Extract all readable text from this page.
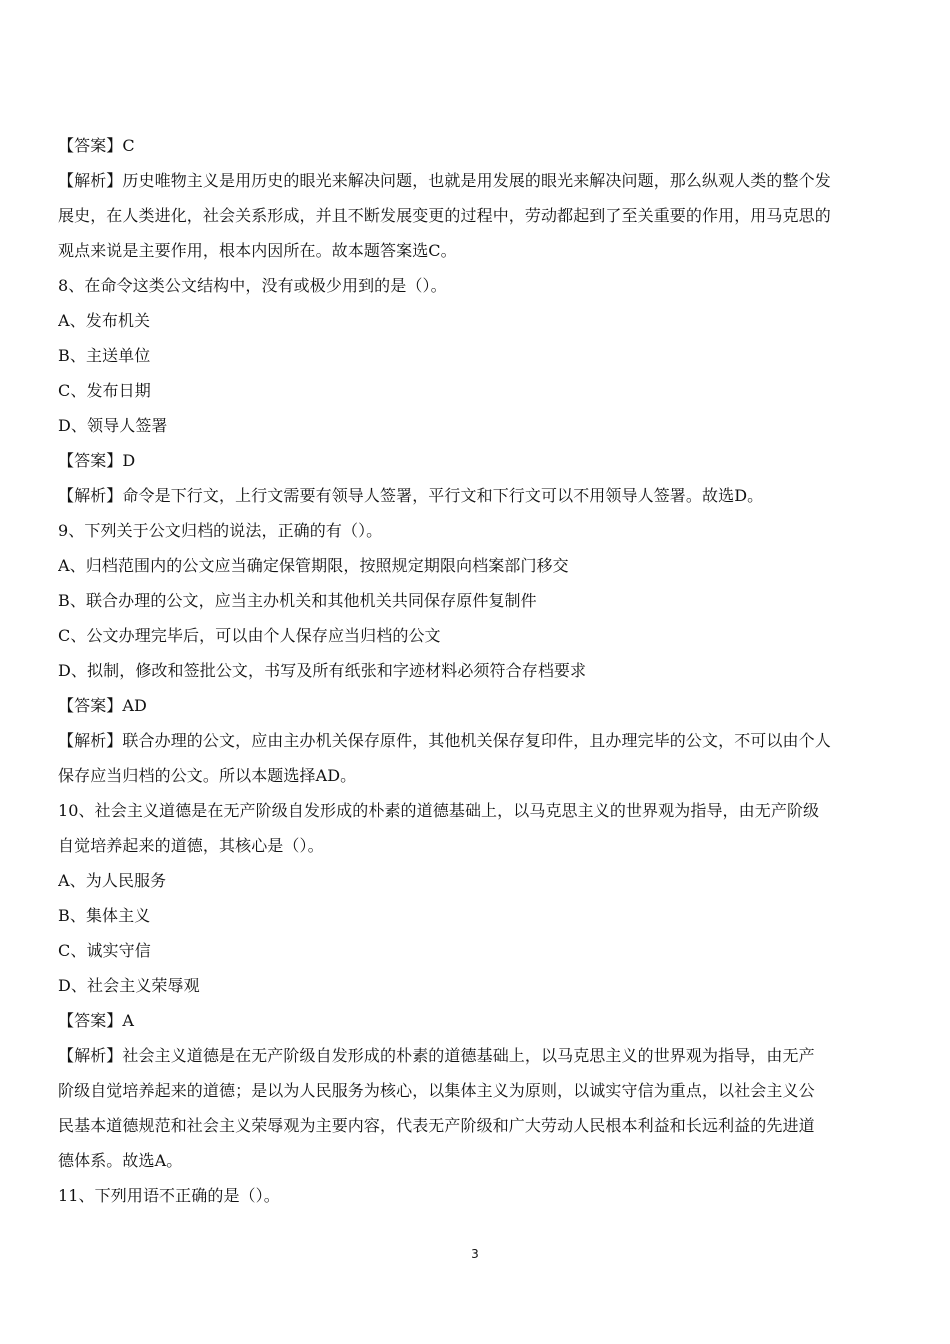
【答案】C
【解析】历史唯物主义是用历史的眼光来解决问题，也就是用发展的眼光来解决问题，那么纵观人类的整个发
展史，在人类进化，社会关系形成，并且不断发展变更的过程中，劳动都起到了至关重要的作用，用马克思的
观点来说是主要作用，根本内因所在。故本题答案选C。
8、在命令这类公文结构中，没有或极少用到的是（）。
A、发布机关
B、主送单位
C、发布日期
D、领导人签署
【答案】D
【解析】命令是下行文，上行文需要有领导人签署，平行文和下行文可以不用领导人签署。故选D。
9、下列关于公文归档的说法，正确的有（）。
A、归档范围内的公文应当确定保管期限，按照规定期限向档案部门移交
B、联合办理的公文，应当主办机关和其他机关共同保存原件复制件
C、公文办理完毕后，可以由个人保存应当归档的公文
D、拟制，修改和签批公文，书写及所有纸张和字迹材料必须符合存档要求
【答案】AD
【解析】联合办理的公文，应由主办机关保存原件，其他机关保存复印件，且办理完毕的公文，不可以由个人
保存应当归档的公文。所以本题选择AD。
10、社会主义道德是在无产阶级自发形成的朴素的道德基础上，以马克思主义的世界观为指导，由无产阶级
自觉培养起来的道德，其核心是（）。
A、为人民服务
B、集体主义
C、诚实守信
D、社会主义荣辱观
【答案】A
【解析】社会主义道德是在无产阶级自发形成的朴素的道德基础上，以马克思主义的世界观为指导，由无产
阶级自觉培养起来的道德；是以为人民服务为核心，以集体主义为原则，以诚实守信为重点，以社会主义公
民基本道德规范和社会主义荣辱观为主要内容，代表无产阶级和广大劳动人民根本利益和长远利益的先进道
德体系。故选A。
11、下列用语不正确的是（）。
3
